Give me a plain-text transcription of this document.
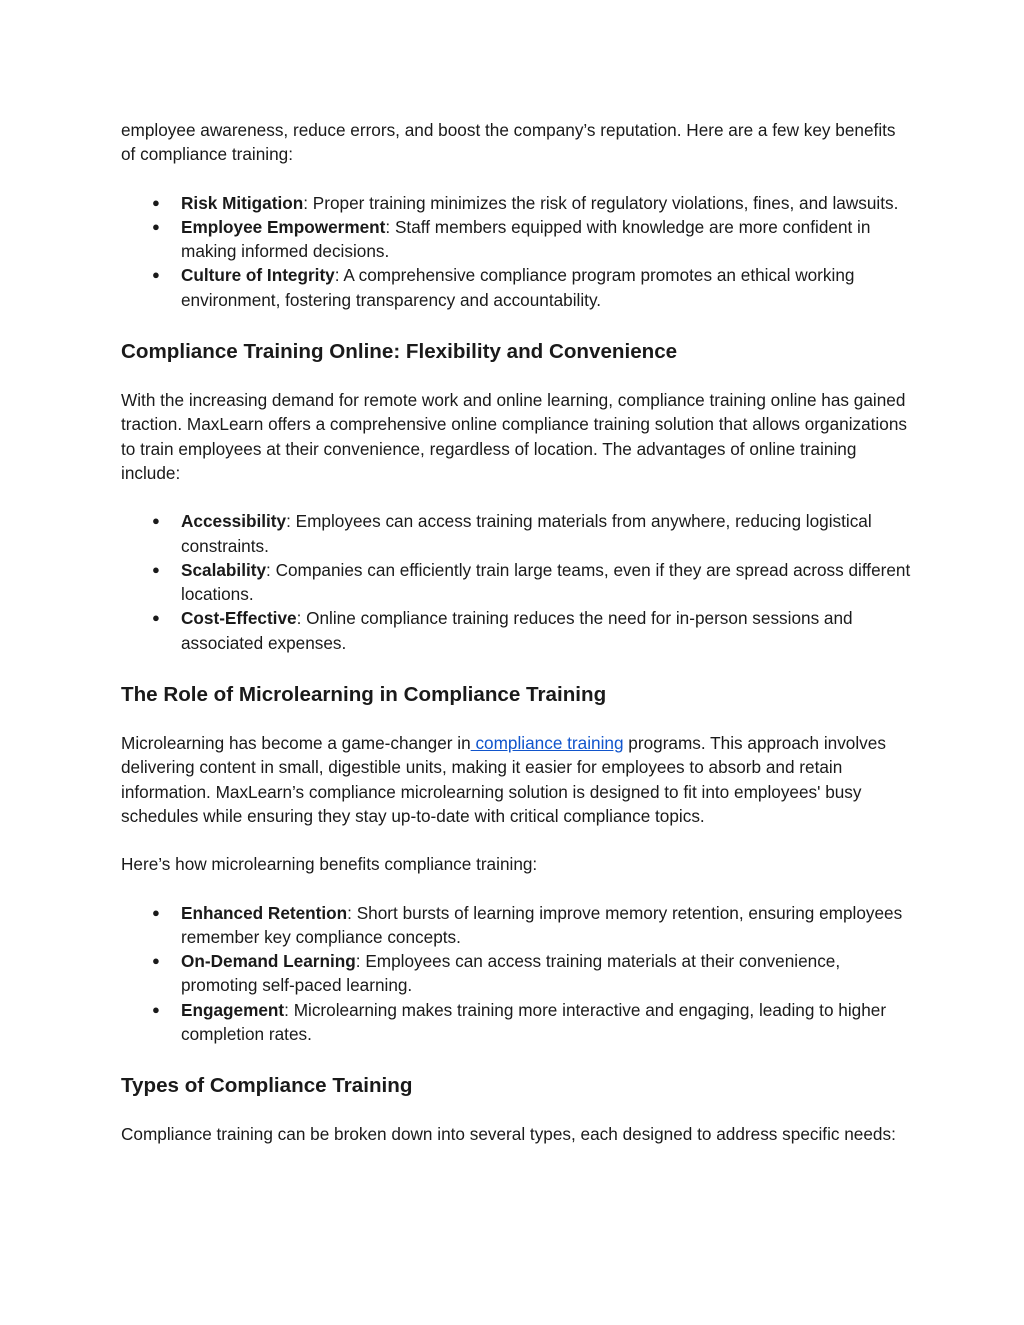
employee awareness, reduce errors, and boost the company’s reputation. Here are a few key benefits of compliance training:

● Risk Mitigation: Proper training minimizes the risk of regulatory violations, fines, and lawsuits.
● Employee Empowerment: Staff members equipped with knowledge are more confident in making informed decisions.
● Culture of Integrity: A comprehensive compliance program promotes an ethical working environment, fostering transparency and accountability.
Compliance Training Online: Flexibility and Convenience

With the increasing demand for remote work and online learning, compliance training online has gained traction. MaxLearn offers a comprehensive online compliance training solution that allows organizations to train employees at their convenience, regardless of location. The advantages of online training include:

● Accessibility: Employees can access training materials from anywhere, reducing logistical constraints.
● Scalability: Companies can efficiently train large teams, even if they are spread across different locations.
● Cost-Effective: Online compliance training reduces the need for in-person sessions and associated expenses.
The Role of Microlearning in Compliance Training

Microlearning has become a game-changer in compliance training programs. This approach involves delivering content in small, digestible units, making it easier for employees to absorb and retain information. MaxLearn’s compliance microlearning solution is designed to fit into employees' busy schedules while ensuring they stay up-to-date with critical compliance topics.

Here’s how microlearning benefits compliance training:

● Enhanced Retention: Short bursts of learning improve memory retention, ensuring employees remember key compliance concepts.
● On-Demand Learning: Employees can access training materials at their convenience, promoting self-paced learning.
● Engagement: Microlearning makes training more interactive and engaging, leading to higher completion rates.
Types of Compliance Training

Compliance training can be broken down into several types, each designed to address specific needs:
